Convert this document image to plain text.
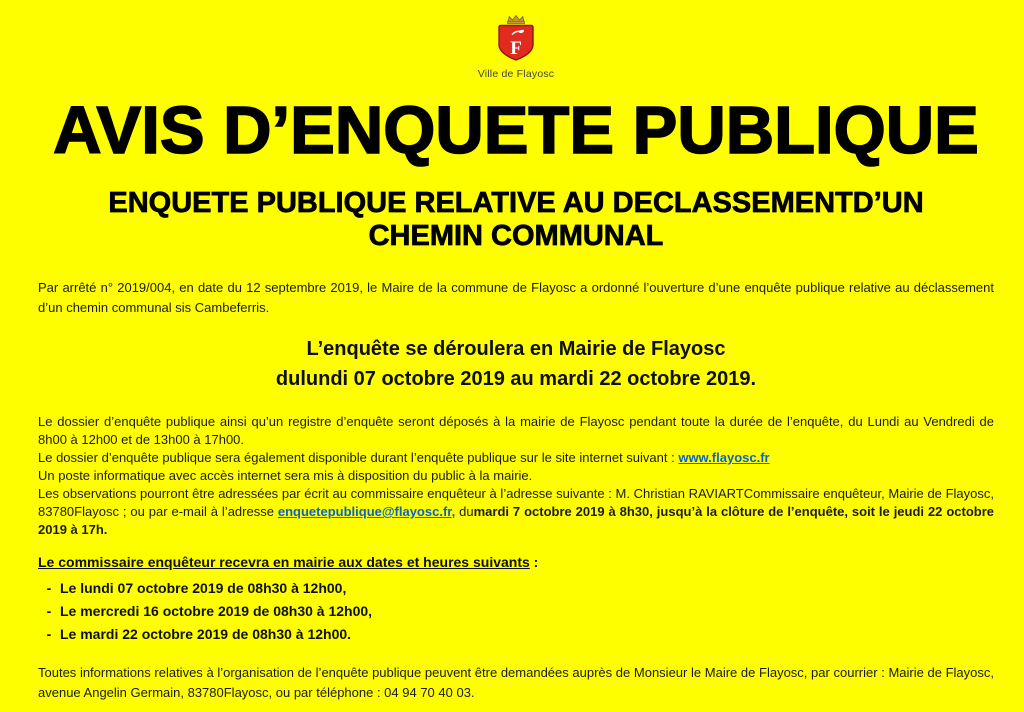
F
Ville de Flayosc
AVIS D’ENQUETE PUBLIQUE
ENQUETE PUBLIQUE RELATIVE AU DECLASSEMENTD’UN
CHEMIN COMMUNAL

Par arrêté n° 2019/004, en date du 12 septembre 2019, le Maire de la commune de Flayosc a ordonné l’ouverture d’une enquête publique relative au déclassement d’un chemin communal sis Cambeferris.

L’enquête se déroulera en Mairie de Flayosc
dulundi 07 octobre 2019 au mardi 22 octobre 2019.

Le dossier d’enquête publique ainsi qu’un registre d’enquête seront déposés à la mairie de Flayosc pendant toute la durée de l’enquête, du Lundi au Vendredi de 8h00 à 12h00 et de 13h00 à 17h00.

Le dossier d’enquête publique sera également disponible durant l’enquête publique sur le site internet suivant : www.flayosc.fr

Un poste informatique avec accès internet sera mis à disposition du public à la mairie.

Les observations pourront être adressées par écrit au commissaire enquêteur à l’adresse suivante : M. Christian RAVIARTCommissaire enquêteur, Mairie de Flayosc, 83780Flayosc ; ou par e-mail à l’adresse enquetepublique@flayosc.fr, dumardi 7 octobre 2019 à 8h30, jusqu’à la clôture de l’enquête, soit le jeudi 22 octobre 2019 à 17h.

Le commissaire enquêteur recevra en mairie aux dates et heures suivants :
- Le lundi 07 octobre 2019 de 08h30 à 12h00,
- Le mercredi 16 octobre 2019 de 08h30 à 12h00,
- Le mardi 22 octobre 2019 de 08h30 à 12h00.

Toutes informations relatives à l’organisation de l’enquête publique peuvent être demandées auprès de Monsieur le Maire de Flayosc, par courrier : Mairie de Flayosc, avenue Angelin Germain, 83780Flayosc, ou par téléphone : 04 94 70 40 03.
